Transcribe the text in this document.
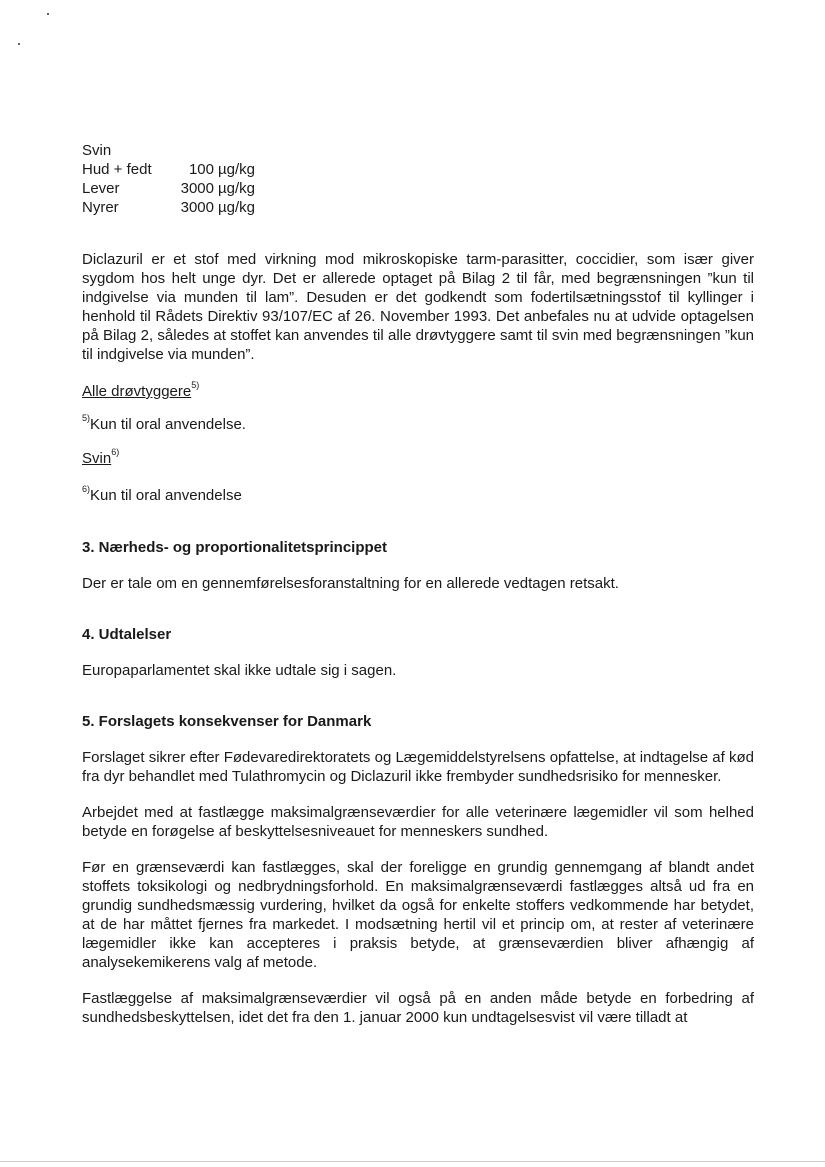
Svin
Hud + fedt	100	µg/kg
Lever	3000	µg/kg
Nyrer	3000	µg/kg

Diclazuril er et stof med virkning mod mikroskopiske tarm-parasitter, coccidier, som især giver sygdom hos helt unge dyr. Det er allerede optaget på Bilag 2 til får, med begrænsningen ”kun til indgivelse via munden til lam”. Desuden er det godkendt som fodertilsætningsstof til kyllinger i henhold til Rådets Direktiv 93/107/EC af 26. November 1993. Det anbefales nu at udvide optagelsen på Bilag 2, således at stoffet kan anvendes til alle drøvtyggere samt til svin med begrænsningen ”kun til indgivelse via munden”.

Alle drøvtyggere$^{5)}$
$^{5)}$Kun til oral anvendelse.
Svin$^{6)}$
$^{6)}$Kun til oral anvendelse
3. Nærheds- og proportionalitetsprincippet

Der er tale om en gennemførelsesforanstaltning for en allerede vedtagen retsakt.

4. Udtalelser

Europaparlamentet skal ikke udtale sig i sagen.

5. Forslagets konsekvenser for Danmark

Forslaget sikrer efter Fødevaredirektoratets og Lægemiddelstyrelsens opfattelse, at indtagelse af kød fra dyr behandlet med Tulathromycin og Diclazuril ikke frembyder sundhedsrisiko for mennesker.

Arbejdet med at fastlægge maksimalgrænseværdier for alle veterinære lægemidler vil som helhed betyde en forøgelse af beskyttelsesniveauet for menneskers sundhed.

Før en grænseværdi kan fastlægges, skal der foreligge en grundig gennemgang af blandt andet stoffets toksikologi og nedbrydningsforhold. En maksimalgrænseværdi fastlægges altså ud fra en grundig sundhedsmæssig vurdering, hvilket da også for enkelte stoffers vedkommende har betydet, at de har måttet fjernes fra markedet. I modsætning hertil vil et princip om, at rester af veterinære lægemidler ikke kan accepteres i praksis betyde, at grænseværdien bliver afhængig af analysekemikerens valg af metode.

Fastlæggelse af maksimalgrænseværdier vil også på en anden måde betyde en forbedring af sundhedsbeskyttelsen, idet det fra den 1. januar 2000 kun undtagelsesvist vil være tilladt at
